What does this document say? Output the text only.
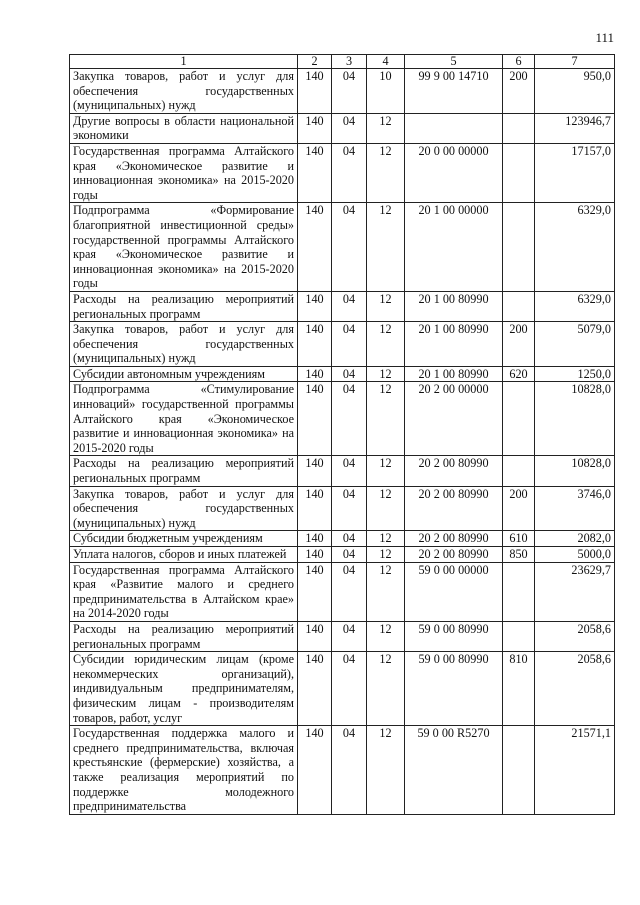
111
1	2	3	4	5	6	7
Закупка товаров, работ и услуг для обеспечения государственных (муниципальных) нужд	140	04	10	99 9 00 14710	200	950,0
Другие вопросы в области национальной экономики	140	04	12			123946,7
Государственная программа Алтайского края «Экономическое развитие и инновационная экономика» на 2015-2020 годы	140	04	12	20 0 00 00000		17157,0
Подпрограмма «Формирование благоприятной инвестиционной среды» государственной программы Алтайского края «Экономическое развитие и инновационная экономика» на 2015-2020 годы	140	04	12	20 1 00 00000		6329,0
Расходы на реализацию мероприятий региональных программ	140	04	12	20 1 00 80990		6329,0
Закупка товаров, работ и услуг для обеспечения государственных (муниципальных) нужд	140	04	12	20 1 00 80990	200	5079,0
Субсидии автономным учреждениям	140	04	12	20 1 00 80990	620	1250,0
Подпрограмма «Стимулирование инноваций» государственной программы Алтайского края «Экономическое развитие и инновационная экономика» на 2015-2020 годы	140	04	12	20 2 00 00000		10828,0
Расходы на реализацию мероприятий региональных программ	140	04	12	20 2 00 80990		10828,0
Закупка товаров, работ и услуг для обеспечения государственных (муниципальных) нужд	140	04	12	20 2 00 80990	200	3746,0
Субсидии бюджетным учреждениям	140	04	12	20 2 00 80990	610	2082,0
Уплата налогов, сборов и иных платежей	140	04	12	20 2 00 80990	850	5000,0
Государственная программа Алтайского края «Развитие малого и среднего предпринимательства в Алтайском крае» на 2014-2020 годы	140	04	12	59 0 00 00000		23629,7
Расходы на реализацию мероприятий региональных программ	140	04	12	59 0 00 80990		2058,6
Субсидии юридическим лицам (кроме некоммерческих организаций), индивидуальным предпринимателям, физическим лицам - производителям товаров, работ, услуг	140	04	12	59 0 00 80990	810	2058,6
Государственная поддержка малого и среднего предпринимательства, включая крестьянские (фермерские) хозяйства, а также реализация мероприятий по поддержке молодежного предпринимательства	140	04	12	59 0 00 R5270		21571,1
